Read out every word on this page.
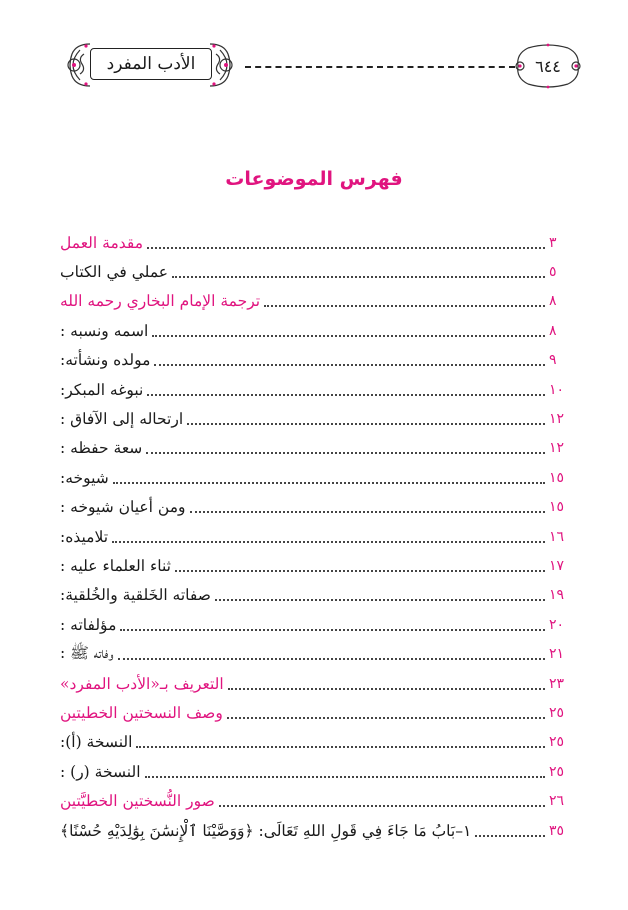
الأدب المفرد	٦٤٤
فهرس الموضوعات
مقدمة العمل	٣
عملي في الكتاب	٥
ترجمة الإمام البخاري رحمه الله	٨
اسمه ونسبه :	٨
مولده ونشأته:	٩
نبوغه المبكر:	١٠
ارتحاله إلى الآفاق :	١٢
سعة حفظه :	١٢
شيوخه:	١٥
ومن أعيان شيوخه :	١٥
تلاميذه:	١٦
ثناء العلماء عليه :	١٧
صفاته الخَلقية والخُلقية:	١٩
مؤلفاته :	٢٠
وفاته ﷺ :	٢١
التعريف بـ«الأدب المفرد»	٢٣
وصف النسختين الخطيتين	٢٥
النسخة (أ):	٢٥
النسخة (ر) :	٢٥
صور النُّسختين الخطيَّتين	٢٦
١–بَابُ مَا جَاءَ فِي قَولِ اللهِ تَعَالَى: ﴿وَوَصَّيْنَا ٱلْإِنسَٰنَ بِوَٰلِدَيْهِ حُسْنًا﴾	٣٥
